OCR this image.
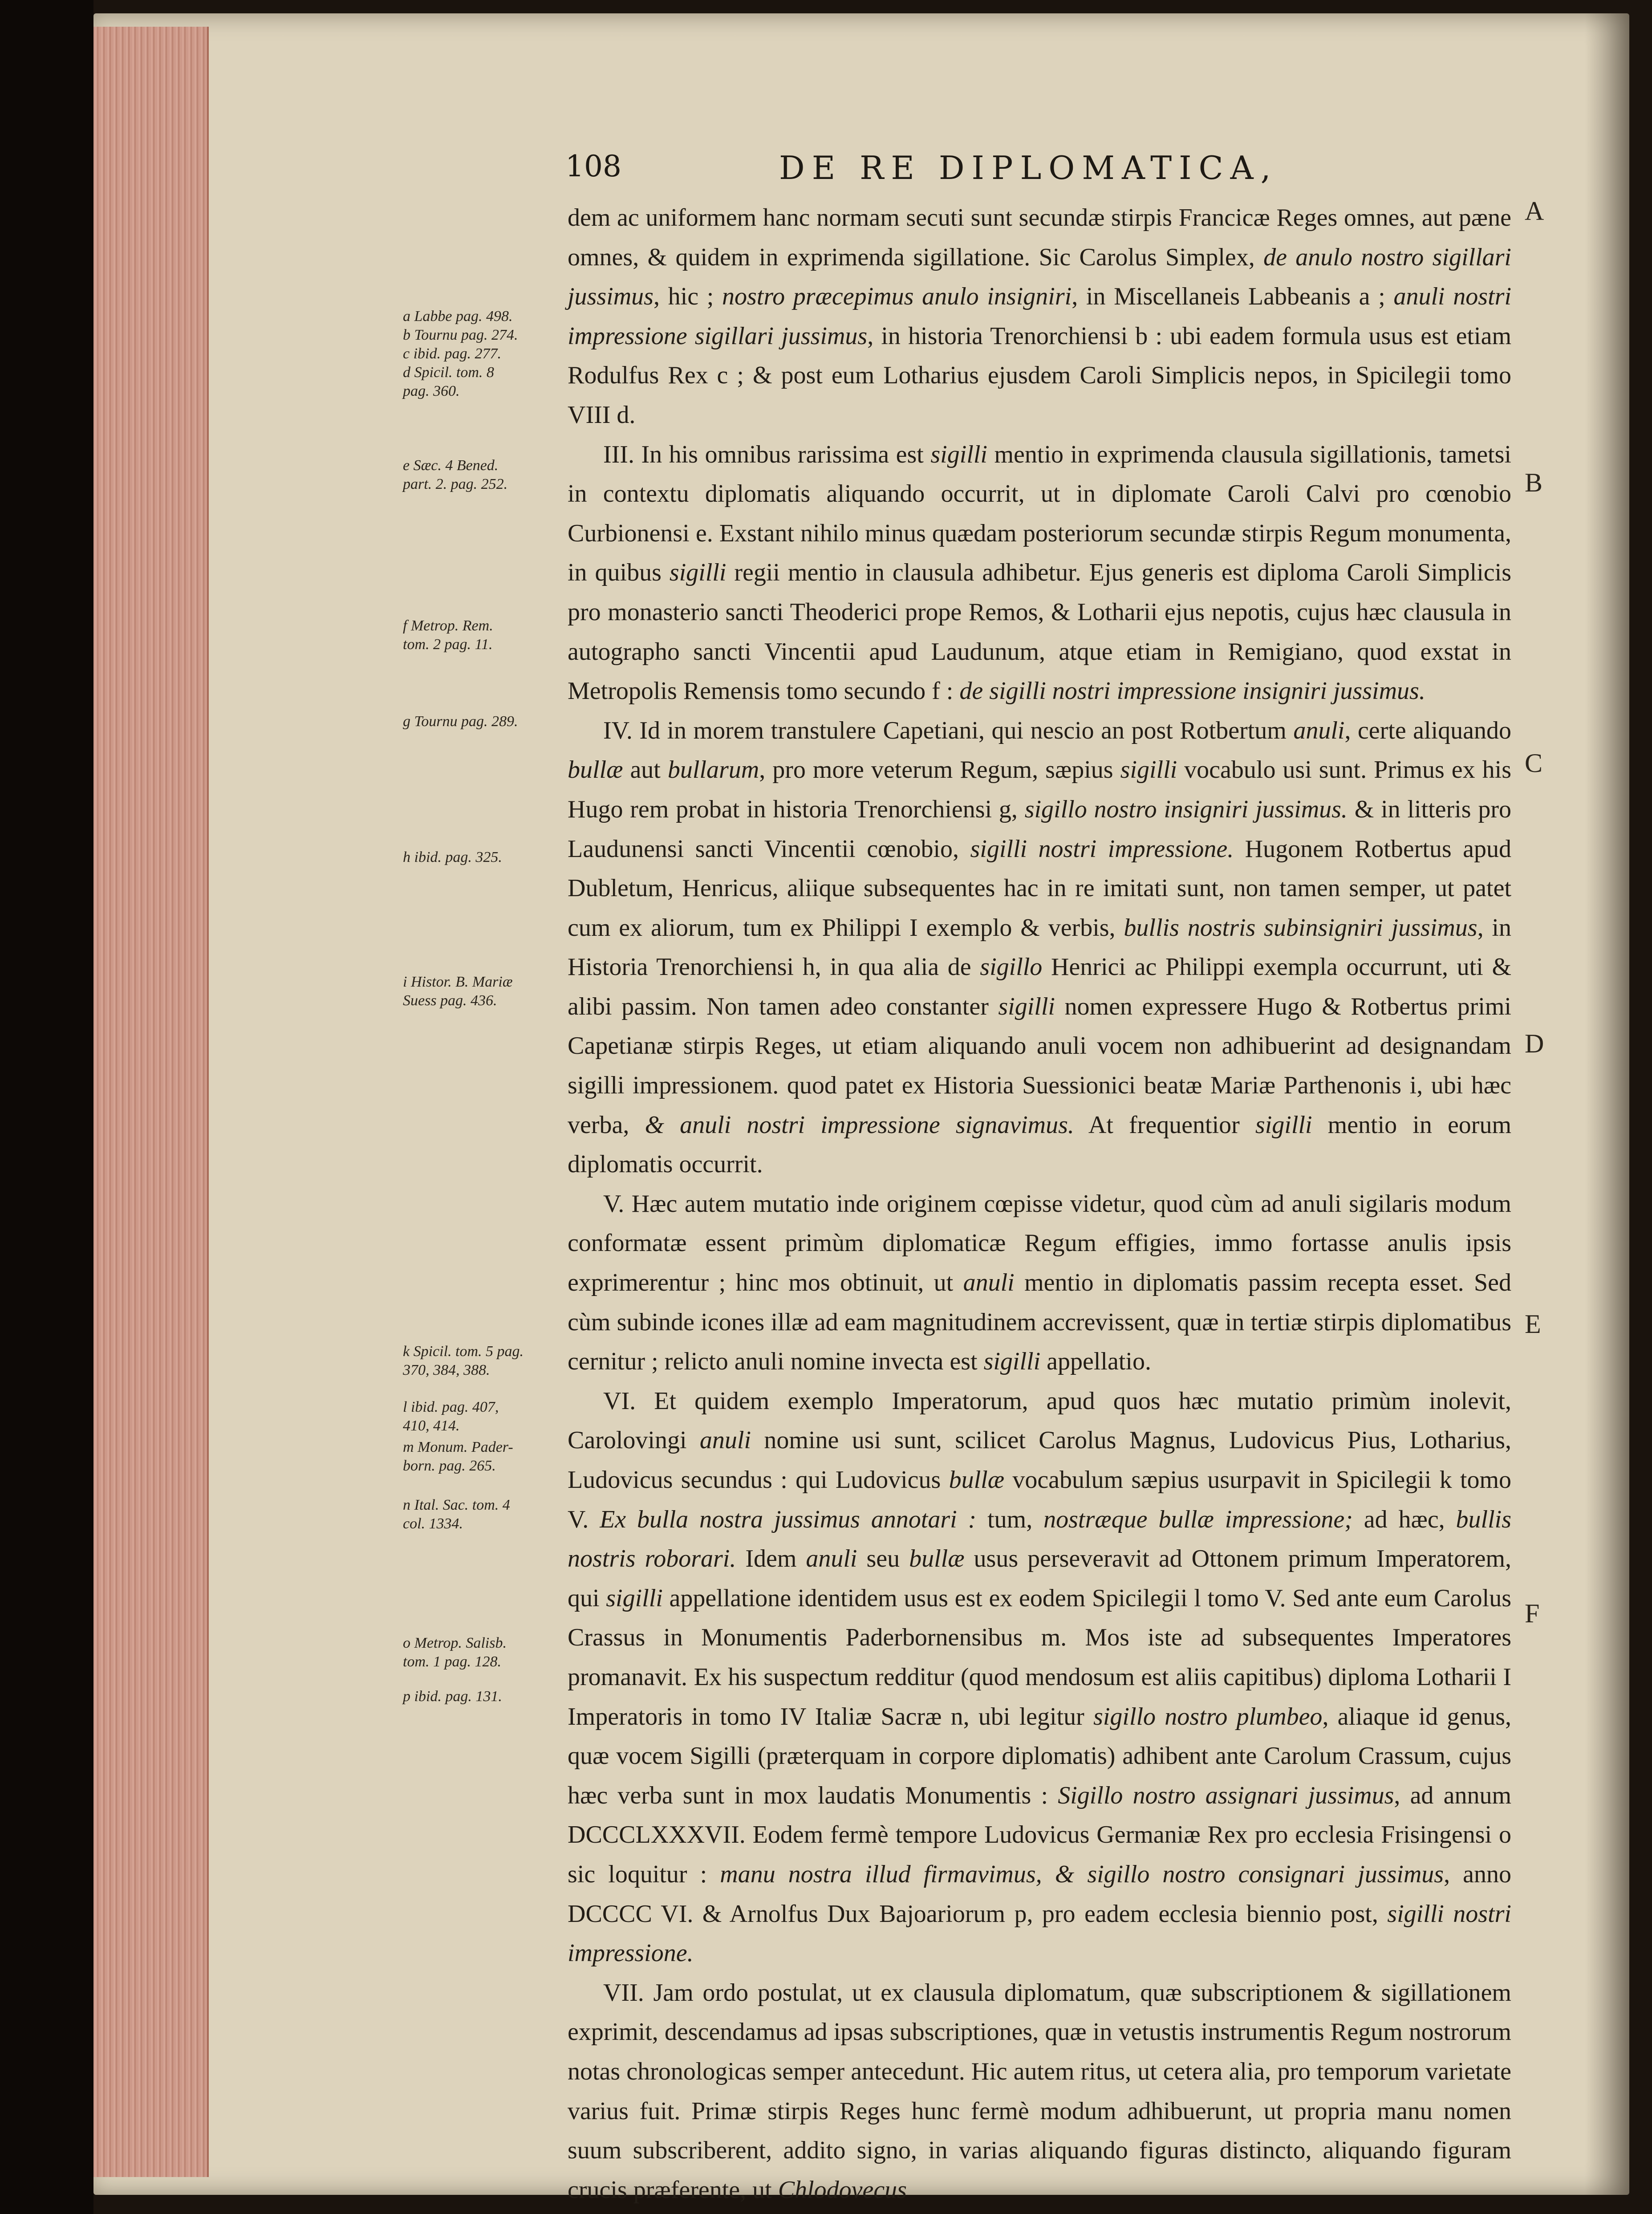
108	DE RE DIPLOMATICA,
A
B
C
D
E
F
a Labbe pag. 498.
b Tournu pag. 274.
c ibid. pag. 277.
d Spicil. tom. 8
pag. 360.
e Sæc. 4 Bened.
part. 2. pag. 252.
f Metrop. Rem.
tom. 2 pag. 11.
g Tournu pag. 289.
h ibid. pag. 325.
i Histor. B. Mariæ
Suess pag. 436.
k Spicil. tom. 5 pag.
370, 384, 388.
l ibid. pag. 407,
410, 414.
m Monum. Pader-
born. pag. 265.
n Ital. Sac. tom. 4
col. 1334.
o Metrop. Salisb.
tom. 1 pag. 128.
p ibid. pag. 131.

dem ac uniformem hanc normam secuti sunt secundæ stirpis Francicæ Reges omnes, aut pæne omnes, & quidem in exprimenda sigillatione. Sic Carolus Simplex, de anulo nostro sigillari jussimus, hic ; nostro præcepimus anulo insigniri, in Miscellaneis Labbeanis a ; anuli nostri impressione sigillari jussimus, in historia Trenorchiensi b : ubi eadem formula usus est etiam Rodulfus Rex c ; & post eum Lotharius ejusdem Caroli Simplicis nepos, in Spicilegii tomo VIII d.

III. In his omnibus rarissima est sigilli mentio in exprimenda clausula sigillationis, tametsi in contextu diplomatis aliquando occurrit, ut in diplomate Caroli Calvi pro cœnobio Curbionensi e. Exstant nihilo minus quædam posteriorum secundæ stirpis Regum monumenta, in quibus sigilli regii mentio in clausula adhibetur. Ejus generis est diploma Caroli Simplicis pro monasterio sancti Theoderici prope Remos, & Lotharii ejus nepotis, cujus hæc clausula in autographo sancti Vincentii apud Laudunum, atque etiam in Remigiano, quod exstat in Metropolis Remensis tomo secundo f : de sigilli nostri impressione insigniri jussimus.

IV. Id in morem transtulere Capetiani, qui nescio an post Rotbertum anuli, certe aliquando bullæ aut bullarum, pro more veterum Regum, sæpius sigilli vocabulo usi sunt. Primus ex his Hugo rem probat in historia Trenorchiensi g, sigillo nostro insigniri jussimus. & in litteris pro Laudunensi sancti Vincentii cœnobio, sigilli nostri impressione. Hugonem Rotbertus apud Dubletum, Henricus, aliique subsequentes hac in re imitati sunt, non tamen semper, ut patet cum ex aliorum, tum ex Philippi I exemplo & verbis, bullis nostris subinsigniri jussimus, in Historia Trenorchiensi h, in qua alia de sigillo Henrici ac Philippi exempla occurrunt, uti & alibi passim. Non tamen adeo constanter sigilli nomen expressere Hugo & Rotbertus primi Capetianæ stirpis Reges, ut etiam aliquando anuli vocem non adhibuerint ad designandam sigilli impressionem. quod patet ex Historia Suessionici beatæ Mariæ Parthenonis i, ubi hæc verba, & anuli nostri impressione signavimus. At frequentior sigilli mentio in eorum diplomatis occurrit.

V. Hæc autem mutatio inde originem cœpisse videtur, quod cùm ad anuli sigilaris modum conformatæ essent primùm diplomaticæ Regum effigies, immo fortasse anulis ipsis exprimerentur ; hinc mos obtinuit, ut anuli mentio in diplomatis passim recepta esset. Sed cùm subinde icones illæ ad eam magnitudinem accrevissent, quæ in tertiæ stirpis diplomatibus cernitur ; relicto anuli nomine invecta est sigilli appellatio.

VI. Et quidem exemplo Imperatorum, apud quos hæc mutatio primùm inolevit, Carolovingi anuli nomine usi sunt, scilicet Carolus Magnus, Ludovicus Pius, Lotharius, Ludovicus secundus : qui Ludovicus bullæ vocabulum sæpius usurpavit in Spicilegii k tomo V. Ex bulla nostra jussimus annotari : tum, nostræque bullæ impressione; ad hæc, bullis nostris roborari. Idem anuli seu bullæ usus perseveravit ad Ottonem primum Imperatorem, qui sigilli appellatione identidem usus est ex eodem Spicilegii l tomo V. Sed ante eum Carolus Crassus in Monumentis Paderbornensibus m. Mos iste ad subsequentes Imperatores promanavit. Ex his suspectum redditur (quod mendosum est aliis capitibus) diploma Lotharii I Imperatoris in tomo IV Italiæ Sacræ n, ubi legitur sigillo nostro plumbeo, aliaque id genus, quæ vocem Sigilli (præterquam in corpore diplomatis) adhibent ante Carolum Crassum, cujus hæc verba sunt in mox laudatis Monumentis : Sigillo nostro assignari jussimus, ad annum DCCCLXXXVII. Eodem fermè tempore Ludovicus Germaniæ Rex pro ecclesia Frisingensi o sic loquitur : manu nostra illud firmavimus, & sigillo nostro consignari jussimus, anno DCCCC VI. & Arnolfus Dux Bajoariorum p, pro eadem ecclesia biennio post, sigilli nostri impressione.

VII. Jam ordo postulat, ut ex clausula diplomatum, quæ subscriptionem & sigillationem exprimit, descendamus ad ipsas subscriptiones, quæ in vetustis instrumentis Regum nostrorum notas chronologicas semper antecedunt. Hic autem ritus, ut cetera alia, pro temporum varietate varius fuit. Primæ stirpis Reges hunc fermè modum adhibuerunt, ut propria manu nomen suum subscriberent, addito signo, in varias aliquando figuras distincto, aliquando figuram crucis præferente, ut Chlodovecus
